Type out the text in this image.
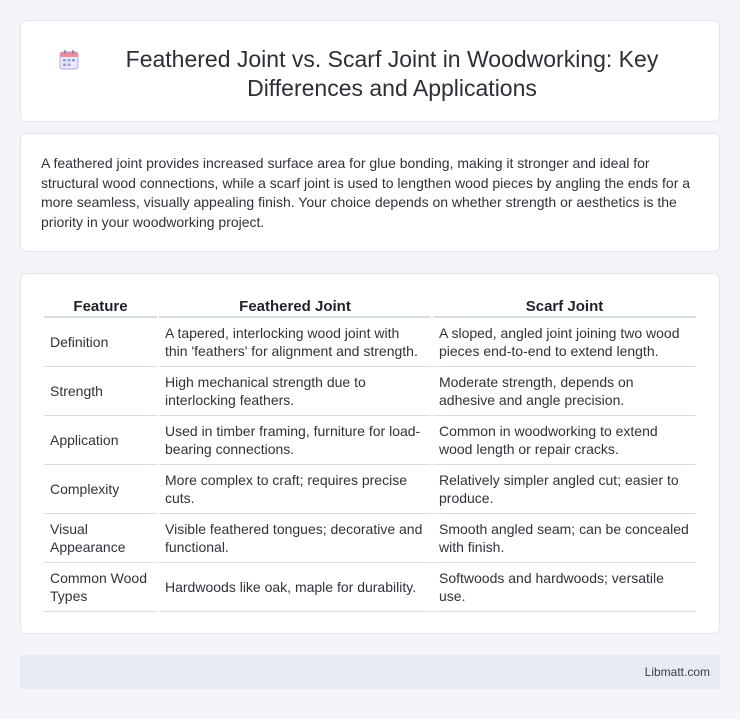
Feathered Joint vs. Scarf Joint in Woodworking: Key Differences and Applications

A feathered joint provides increased surface area for glue bonding, making it stronger and ideal for structural wood connections, while a scarf joint is used to lengthen wood pieces by angling the ends for a more seamless, visually appealing finish. Your choice depends on whether strength or aesthetics is the priority in your woodworking project.

Feature	Feathered Joint	Scarf Joint
Definition	A tapered, interlocking wood joint with thin 'feathers' for alignment and strength.	A sloped, angled joint joining two wood pieces end-to-end to extend length.
Strength	High mechanical strength due to interlocking feathers.	Moderate strength, depends on adhesive and angle precision.
Application	Used in timber framing, furniture for load-bearing connections.	Common in woodworking to extend wood length or repair cracks.
Complexity	More complex to craft; requires precise cuts.	Relatively simpler angled cut; easier to produce.
Visual Appearance	Visible feathered tongues; decorative and functional.	Smooth angled seam; can be concealed with finish.
Common Wood Types	Hardwoods like oak, maple for durability.	Softwoods and hardwoods; versatile use.
Libmatt.com
